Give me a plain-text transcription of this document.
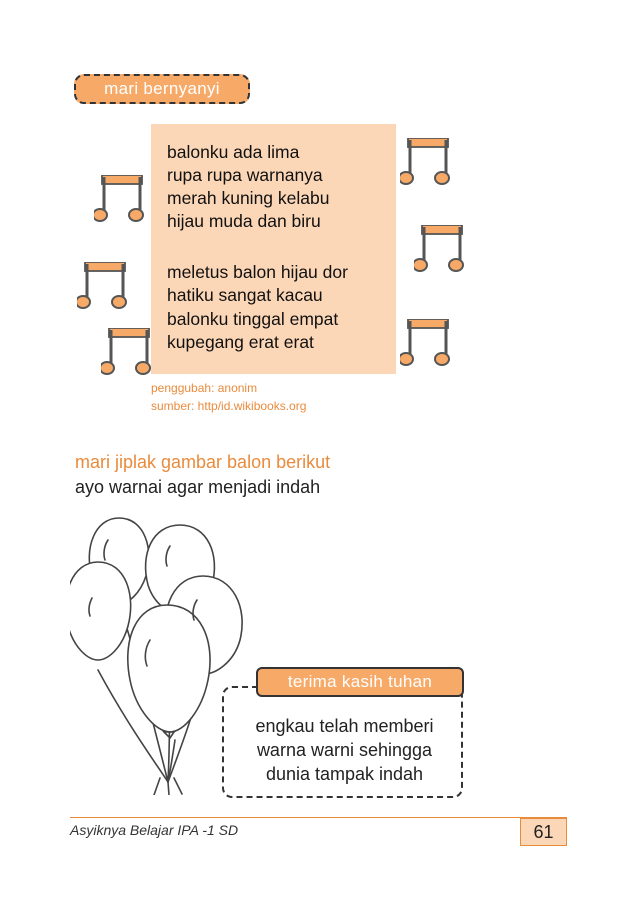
mari bernyanyi
balonku ada lima
rupa rupa warnanya
merah kuning kelabu
hijau muda dan biru
meletus balon hijau dor
hatiku sangat kacau
balonku tinggal empat
kupegang erat erat
penggubah: anonim
sumber: http/id.wikibooks.org
mari jiplak gambar balon berikut
ayo warnai agar menjadi indah
engkau telah memberi
warna warni sehingga
dunia tampak indah
terima kasih tuhan
Asyiknya Belajar IPA -1 SD	61
